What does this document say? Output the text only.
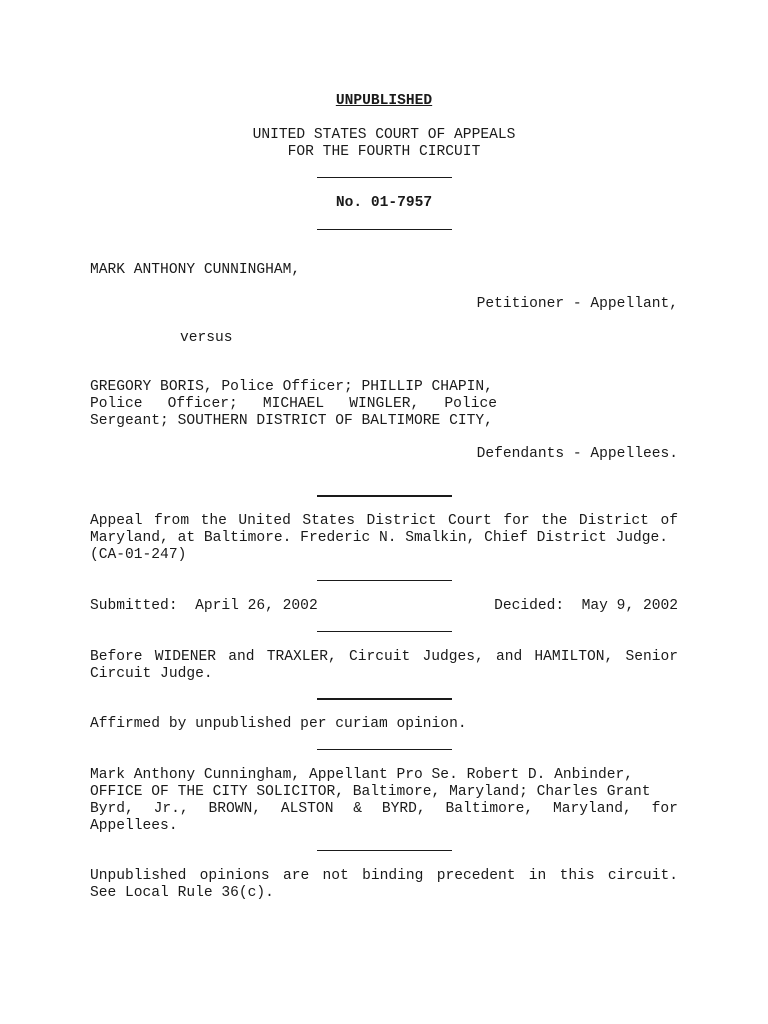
UNPUBLISHED
UNITED STATES COURT OF APPEALS
FOR THE FOURTH CIRCUIT
No. 01-7957
MARK ANTHONY CUNNINGHAM,
Petitioner - Appellant,
versus
GREGORY BORIS, Police Officer; PHILLIP CHAPIN,
Police Officer; MICHAEL WINGLER, Police
Sergeant; SOUTHERN DISTRICT OF BALTIMORE CITY,
Defendants - Appellees.
Appeal from the United States District Court for the District of
Maryland, at Baltimore. Frederic N. Smalkin, Chief District Judge.
(CA-01-247)
Submitted:  April 26, 2002	Decided:  May 9, 2002
Before WIDENER and TRAXLER, Circuit Judges, and HAMILTON, Senior
Circuit Judge.
Affirmed by unpublished per curiam opinion.
Mark Anthony Cunningham, Appellant Pro Se. Robert D. Anbinder,
OFFICE OF THE CITY SOLICITOR, Baltimore, Maryland; Charles Grant
Byrd, Jr., BROWN, ALSTON & BYRD, Baltimore, Maryland, for
Appellees.
Unpublished opinions are not binding precedent in this circuit.
See Local Rule 36(c).
